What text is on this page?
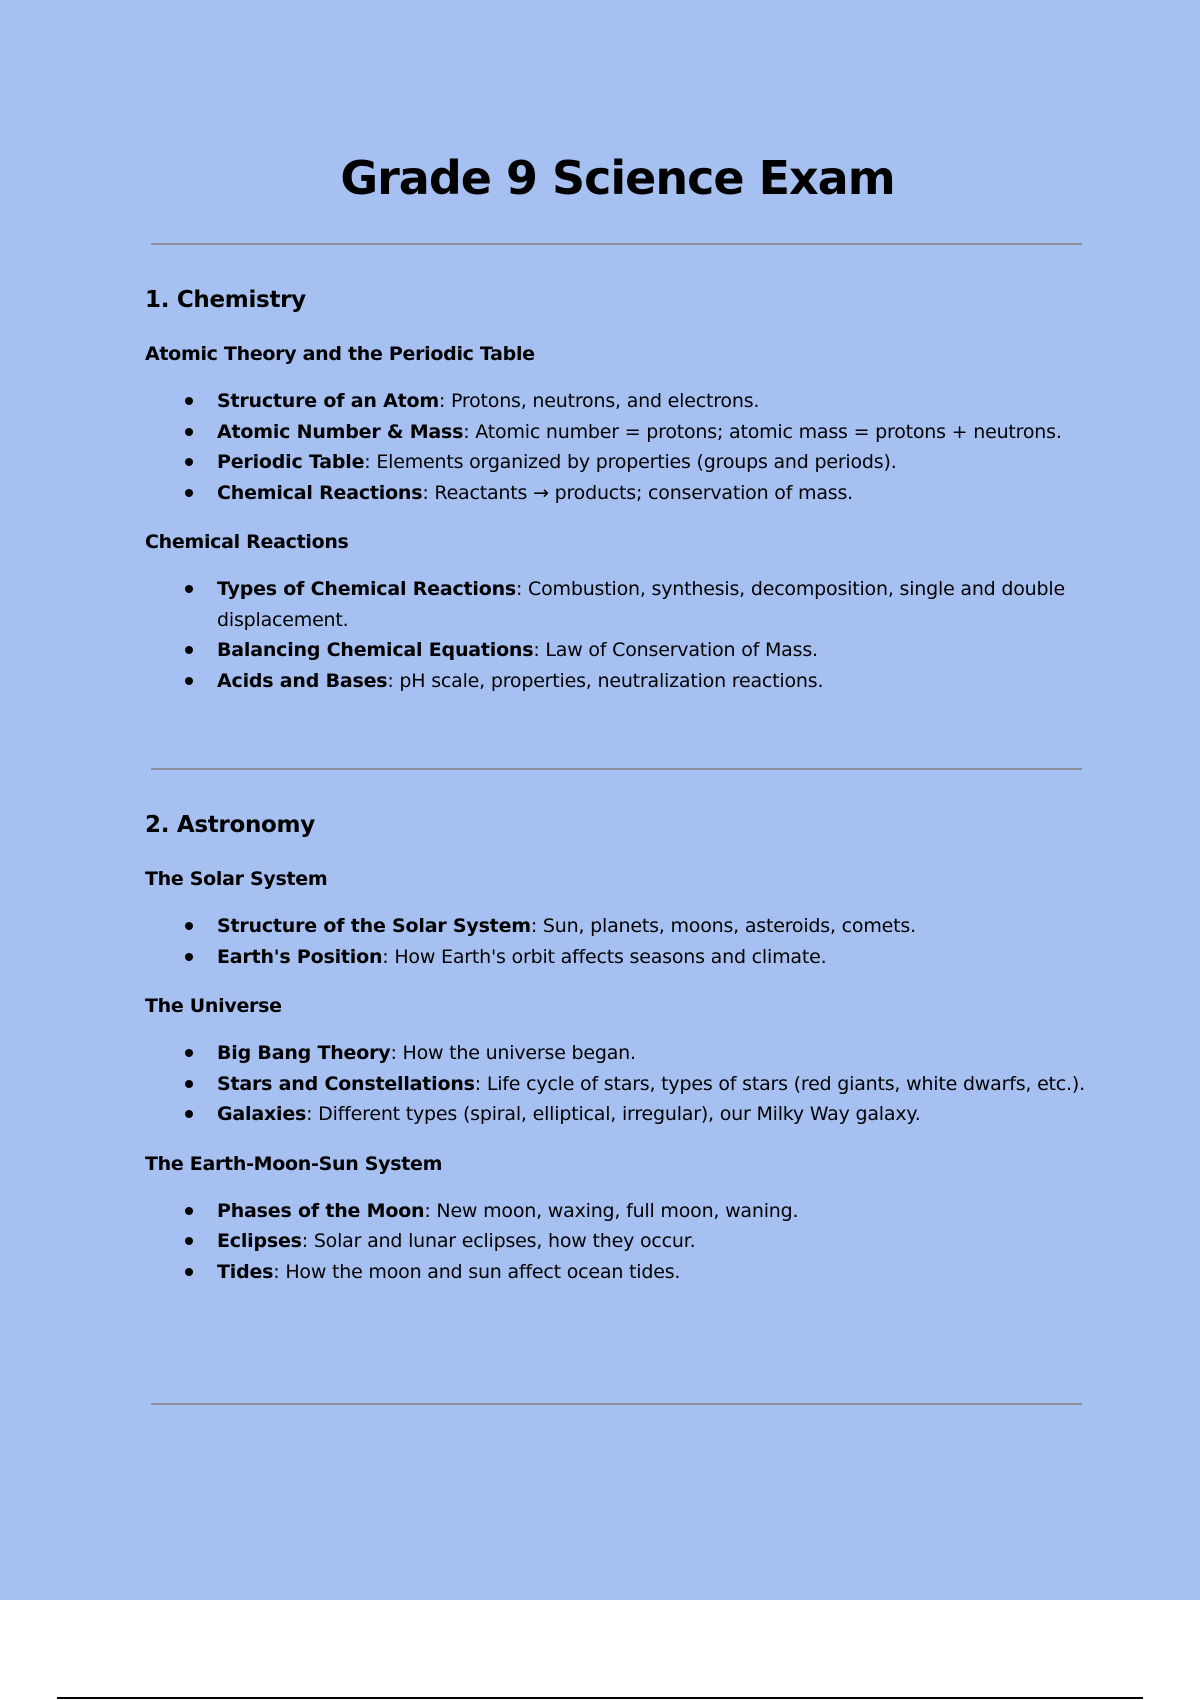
Grade 9 Science Exam
1. Chemistry
Atomic Theory and the Periodic Table
Structure of an Atom: Protons, neutrons, and electrons.
Atomic Number & Mass: Atomic number = protons; atomic mass = protons + neutrons.
Periodic Table: Elements organized by properties (groups and periods).
Chemical Reactions: Reactants → products; conservation of mass.
Chemical Reactions
Types of Chemical Reactions: Combustion, synthesis, decomposition, single and double displacement.
Balancing Chemical Equations: Law of Conservation of Mass.
Acids and Bases: pH scale, properties, neutralization reactions.
2. Astronomy
The Solar System
Structure of the Solar System: Sun, planets, moons, asteroids, comets.
Earth's Position: How Earth's orbit affects seasons and climate.
The Universe
Big Bang Theory: How the universe began.
Stars and Constellations: Life cycle of stars, types of stars (red giants, white dwarfs, etc.).
Galaxies: Different types (spiral, elliptical, irregular), our Milky Way galaxy.
The Earth-Moon-Sun System
Phases of the Moon: New moon, waxing, full moon, waning.
Eclipses: Solar and lunar eclipses, how they occur.
Tides: How the moon and sun affect ocean tides.
